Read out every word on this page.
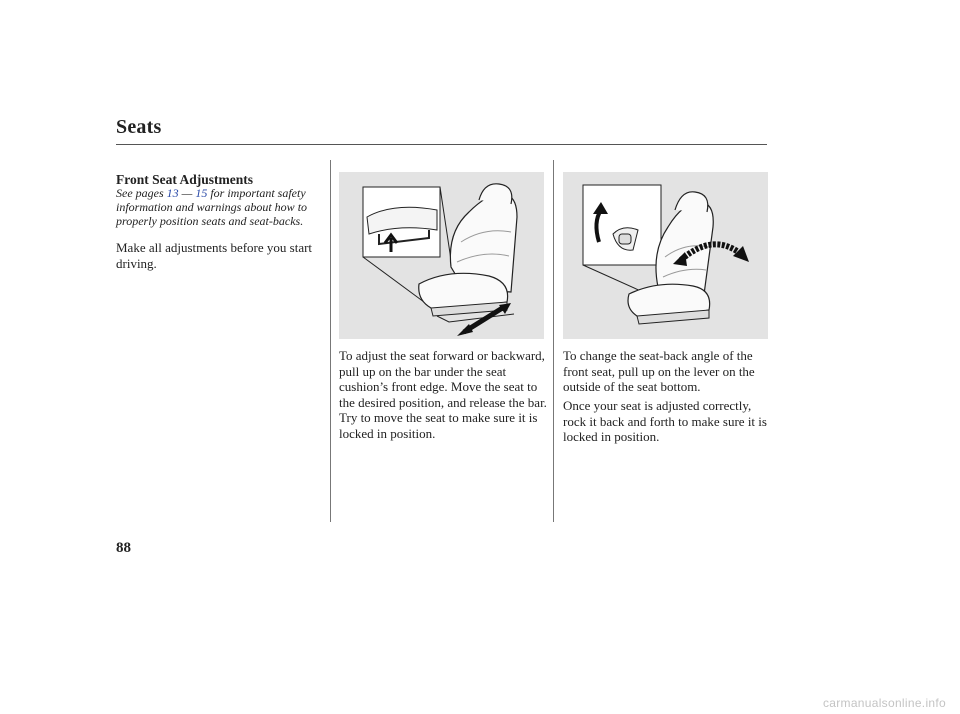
Seats
Front Seat Adjustments
See pages 13 — 15 for important safety information and warnings about how to properly position seats and seat-backs.
Make all adjustments before you start driving.
To adjust the seat forward or backward, pull up on the bar under the seat cushion’s front edge. Move the seat to the desired position, and release the bar. Try to move the seat to make sure it is locked in position.
To change the seat-back angle of the front seat, pull up on the lever on the outside of the seat bottom.
Once your seat is adjusted correctly, rock it back and forth to make sure it is locked in position.
88
carmanualsonline.info
